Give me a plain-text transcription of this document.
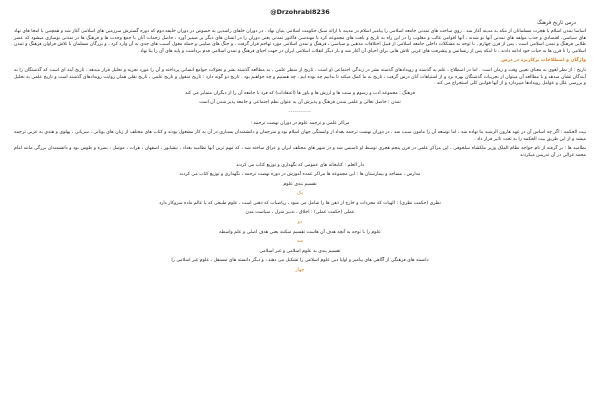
@Drzohrabi8236
درس تاریخ فرهنگ

اساسا تمدن اسلام با هجرت مسلمانان از مکه به مدینه آغاز شد . رویِ ساخت های تمدنی جامعه اسلامی را پیامبر اسلام در مدینه با ارائه سبک حکومت اسلامی بنیان نهاد . در دوران خلفای راشدین به خصوص در دوران خلیفه دوم که دوره گسترش سرزمین های اسلامی آغاز شد و همچنین با امحا های نهاد های سیاسی، اقتصادی و جذب مولفه های تمدنی آنها نو شدند ، آنها اقوامی غالب و مغلوب را در این راه به تاریخ و بافت های مجموعه کرد با مهندسی فاکتور تمدنی یعنی دوران را در انسان های دیگر بر ضمیر آورد ، حاصل زحمات آنان با جمع وحدت ها و فرهنگ ها در تمدنی نوسازی میشود که عصر طلایی فرهنگ و تمدن اسلامی است ، پس از قرن چهارم ، با توجه به مشکلات داخلی جامعه اسلامی از قبیل اختلافات مذهبی و سیاسی ، فرهنگ و تمدن اسلامی مورد تهاجم قرار گرفت ، و جنگ های صلیبی و حمله مغول آسیب های جدی به آن وارد کرد ، و بزرگان مسلمان با تلاش فراوان فرهنگ و تمدن اسلامی را تا قرن ها به حیات خود ادامه دادند ، تا اینکه پس از رنسانس و پیشرفت های غربی تلاش هایی برای احیای آن آغاز شد و بار دیگر انقلاب اسلامی ایران در جهت احیای فرهنگ و تمدن اسلامی قدم برداشت و پایه های آن را بنا نهاد .

واژگان و اصطلاحات پرکاربرد در درس

تاریخ : از نظر لغوی به معنای تعیین وقت و زمان است . اما در اصطلاح ، علم به گذشته و رویدادهای گذشته بشر در زندگی اجتماعی او است . تاریخ از منظر علمی ، به مطالعه گذشته بشر و تحولات جوامع انسانی پرداخته و آن را مورد تجزیه و تحلیل قرار میدهد . تاریخ آینه ای است که گذشتگان را به آیندگان نشان میدهد و با مطالعه آن میتوان از تجربیات گذشتگان بهره برد و از اشتباهات آنان درس گرفت ، تاریخ به ما کمک میکند تا بدانیم چه بوده ایم ، چه هستیم و چه خواهیم بود . تاریخ دو گونه دارد : تاریخ منقول و تاریخ علمی ، تاریخ نقلی همان روایت رویدادهای گذشته است و تاریخ علمی به تحلیل و بررسی علل و عوامل رویدادها میپردازد و از آنها قوانین کلی استخراج می کند .

فرهنگ : مجموعه ادب و رسوم و سنت ها و ارزش ها و باور ها (اعتقادات) که فرد یا جامعه آن را از دیگران متمایز می کند

تمدن : حاصل تعالی و علمی شدن فرهنگ و پذیرش آن به عنوان نظم اجتماعی و جامعه پذیر شدن آن است

-----------

مراکز علمی و ترجمه علوم در دوران نهضت ترجمه :

بیت الحکمه : اگر چه اساس آن در عهد هارون الرشید بنا نهاده شد ، اما توسعه آن را مامون سبب شد ، در دوران نهضت ترجمه بغداد از وابستگی جهان اسلام بود و مترجمان و دانشمندان بسیاری در آن به کار مشغول بودند و کتاب های مختلف از زبان های یونانی ، سریانی ، پهلوی و هندی به عربی ترجمه میشد و از این طریق بیت الحکمه را به تحت تاثیر قرار داد .

نظامیه ها : بر گرفته از نام خواجه نظام الملک وزیر ملکشاه سلجوقی ، این مراکز علمی در قرن پنجم هجری توسط او تاسیس شد و در شهر های مختلف ایران و عراق ساخته شد ، که مهم ترین آنها نظامیه بغداد ، نیشابور ، اصفهان ، هرات ، موصل ، بصره و طوس بود و دانشمندان بزرگی مانند امام محمد غزالی در آن تدریس میکردند

دار العلم : کتابخانه های عمومی که نگهداری و توزیع کتاب می کردند

مدارس ، مساجد و بیمارستان ها : این مجموعه ها مراکز عمده آموزش در دوره نهضت ترجمه ، نگهداری و توزیع کتاب می کردند

تقسیم بندی علوم

یک

نظری (حکمت نظری) : الهیات که مجردات و خارج از ذهن ها را شامل می شود ، ریاضیات که ذهنی است ، علوم طبیعی که با عالم ماده سروکار دارد

عملی (حکمت عملی) : اخلاق ، تدبیر منزل ، سیاست مدن

دو

علوم را با توجه به آنچه هدف آن هاست تقسیم میکنند یعنی هدف اصلی و علم واسطه

سه

تقسیم بندی به علوم اسلامی و غیر اسلامی

دانسته های فرهنگی از آگاهی های پیامبر و اولیا دین علوم اسلامی را تشکیل می دهند ، و دیگر دانسته های مستقل ، علوم غیر اسلامی را

چهار
